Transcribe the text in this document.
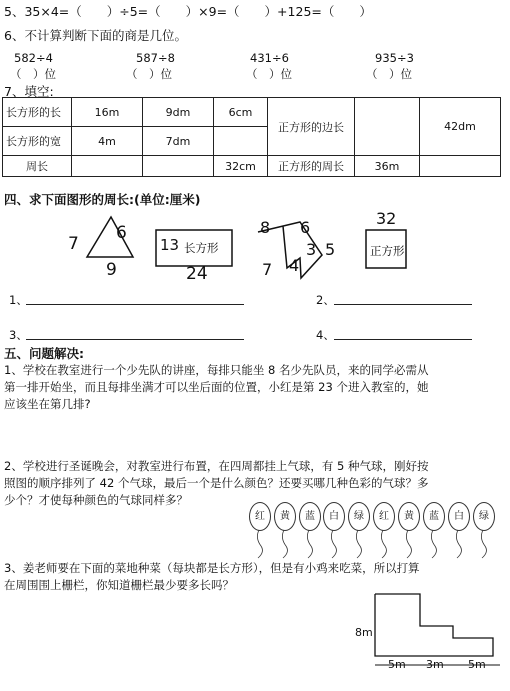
5、35×4=（　　）÷5=（　　）×9=（　　）+125=（　　）
6、不计算判断下面的商是几位。
582÷4
（　）位
587÷8
（　）位
431÷6
（　）位
935÷3
（　）位
7、填空:
长方形的长	16m	9dm	6cm	正方形的边长		42dm
长方形的宽	4m	7dm				
周长			32cm	正方形的周长	36m	
四、求下面图形的周长:(单位:厘米)
7
6
9
13 长方形
24
8 6
3 5
7 4
32
正方形
1、	2、
3、	4、
五、问题解决:
1、学校在教室进行一个少先队的讲座，每排只能坐 8 名少先队员，来的同学必需从
第一排开始坐，而且每排坐满才可以坐后面的位置，小红是第 23 个进入教室的，她
应该坐在第几排?
2、学校进行圣诞晚会，对教室进行布置，在四周都挂上气球，有 5 种气球，刚好按
照图的顺序排列了 42 个气球，最后一个是什么颜色？还要买哪几种色彩的气球？多
少个？才使每种颜色的气球同样多？
红	黄	蓝	白	绿	红	黄	蓝	白	绿
3、姜老师要在下面的菜地种菜（每块都是长方形），但是有小鸡来吃菜，所以打算
在周围围上栅栏，你知道栅栏最少要多长吗？
8m
5m 3m 5m
